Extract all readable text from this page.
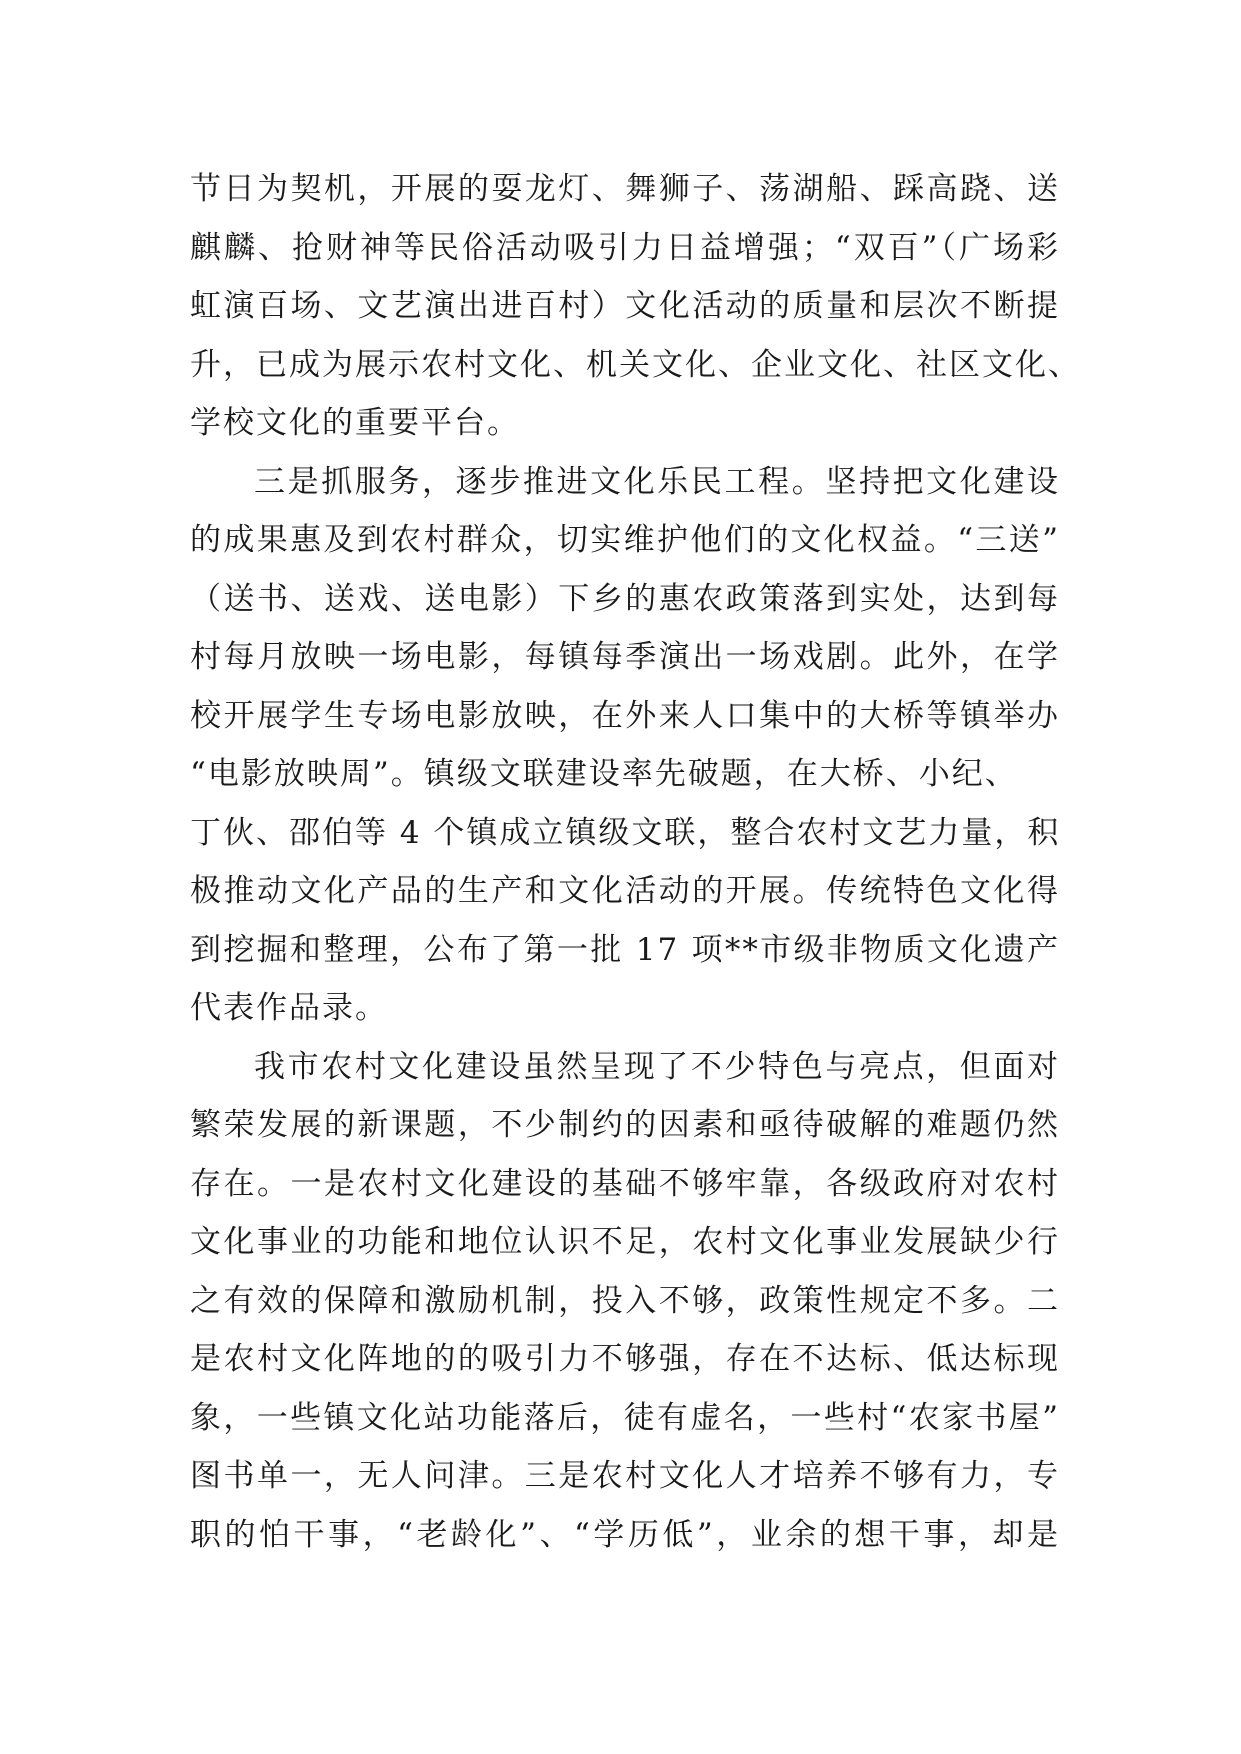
节日为契机，开展的耍龙灯、舞狮子、荡湖船、踩高跷、送
麒麟、抢财神等民俗活动吸引力日益增强；“双百”（广场彩
虹演百场、文艺演出进百村）文化活动的质量和层次不断提
升，已成为展示农村文化、机关文化、企业文化、社区文化、
学校文化的重要平台。
三是抓服务，逐步推进文化乐民工程。坚持把文化建设
的成果惠及到农村群众，切实维护他们的文化权益。“三送”
（送书、送戏、送电影）下乡的惠农政策落到实处，达到每
村每月放映一场电影，每镇每季演出一场戏剧。此外，在学
校开展学生专场电影放映，在外来人口集中的大桥等镇举办
“电影放映周”。镇级文联建设率先破题，在大桥、小纪、
丁伙、邵伯等 4 个镇成立镇级文联，整合农村文艺力量，积
极推动文化产品的生产和文化活动的开展。传统特色文化得
到挖掘和整理，公布了第一批 17 项**市级非物质文化遗产
代表作品录。
我市农村文化建设虽然呈现了不少特色与亮点，但面对
繁荣发展的新课题，不少制约的因素和亟待破解的难题仍然
存在。一是农村文化建设的基础不够牢靠，各级政府对农村
文化事业的功能和地位认识不足，农村文化事业发展缺少行
之有效的保障和激励机制，投入不够，政策性规定不多。二
是农村文化阵地的的吸引力不够强，存在不达标、低达标现
象，一些镇文化站功能落后，徒有虚名，一些村“农家书屋”
图书单一，无人问津。三是农村文化人才培养不够有力，专
职的怕干事，“老龄化”、“学历低”，业余的想干事，却是
